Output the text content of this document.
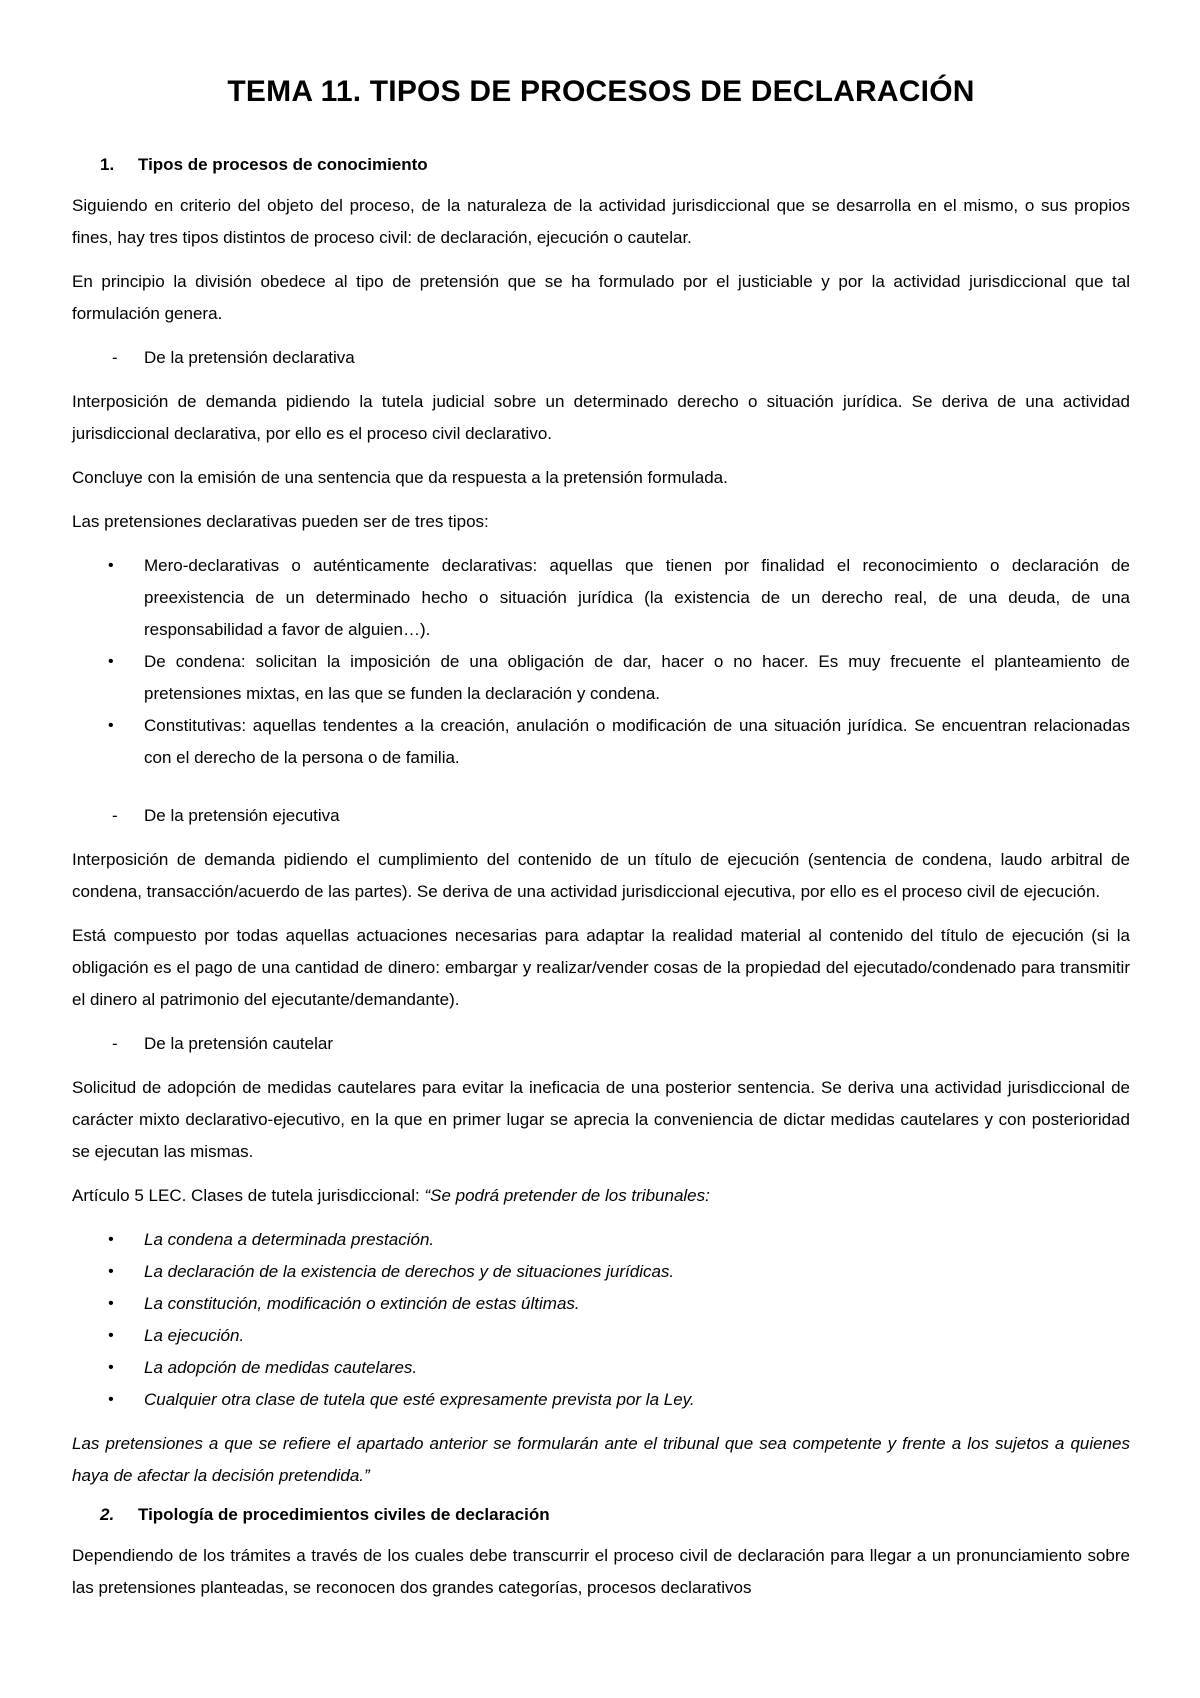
TEMA 11. TIPOS DE PROCESOS DE DECLARACIÓN
1. Tipos de procesos de conocimiento

Siguiendo en criterio del objeto del proceso, de la naturaleza de la actividad jurisdiccional que se desarrolla en el mismo, o sus propios fines, hay tres tipos distintos de proceso civil: de declaración, ejecución o cautelar.

En principio la división obedece al tipo de pretensión que se ha formulado por el justiciable y por la actividad jurisdiccional que tal formulación genera.

- De la pretensión declarativa

Interposición de demanda pidiendo la tutela judicial sobre un determinado derecho o situación jurídica. Se deriva de una actividad jurisdiccional declarativa, por ello es el proceso civil declarativo.

Concluye con la emisión de una sentencia que da respuesta a la pretensión formulada.

Las pretensiones declarativas pueden ser de tres tipos:

• Mero-declarativas o auténticamente declarativas: aquellas que tienen por finalidad el reconocimiento o declaración de preexistencia de un determinado hecho o situación jurídica (la existencia de un derecho real, de una deuda, de una responsabilidad a favor de alguien…).
• De condena: solicitan la imposición de una obligación de dar, hacer o no hacer. Es muy frecuente el planteamiento de pretensiones mixtas, en las que se funden la declaración y condena.
• Constitutivas: aquellas tendentes a la creación, anulación o modificación de una situación jurídica. Se encuentran relacionadas con el derecho de la persona o de familia.
- De la pretensión ejecutiva

Interposición de demanda pidiendo el cumplimiento del contenido de un título de ejecución (sentencia de condena, laudo arbitral de condena, transacción/acuerdo de las partes). Se deriva de una actividad jurisdiccional ejecutiva, por ello es el proceso civil de ejecución.

Está compuesto por todas aquellas actuaciones necesarias para adaptar la realidad material al contenido del título de ejecución (si la obligación es el pago de una cantidad de dinero: embargar y realizar/vender cosas de la propiedad del ejecutado/condenado para transmitir el dinero al patrimonio del ejecutante/demandante).

- De la pretensión cautelar

Solicitud de adopción de medidas cautelares para evitar la ineficacia de una posterior sentencia. Se deriva una actividad jurisdiccional de carácter mixto declarativo-ejecutivo, en la que en primer lugar se aprecia la conveniencia de dictar medidas cautelares y con posterioridad se ejecutan las mismas.

Artículo 5 LEC. Clases de tutela jurisdiccional: “Se podrá pretender de los tribunales:

• La condena a determinada prestación.
• La declaración de la existencia de derechos y de situaciones jurídicas.
• La constitución, modificación o extinción de estas últimas.
• La ejecución.
• La adopción de medidas cautelares.
• Cualquier otra clase de tutela que esté expresamente prevista por la Ley.

Las pretensiones a que se refiere el apartado anterior se formularán ante el tribunal que sea competente y frente a los sujetos a quienes haya de afectar la decisión pretendida.”

2. Tipología de procedimientos civiles de declaración

Dependiendo de los trámites a través de los cuales debe transcurrir el proceso civil de declaración para llegar a un pronunciamiento sobre las pretensiones planteadas, se reconocen dos grandes categorías, procesos declarativos
